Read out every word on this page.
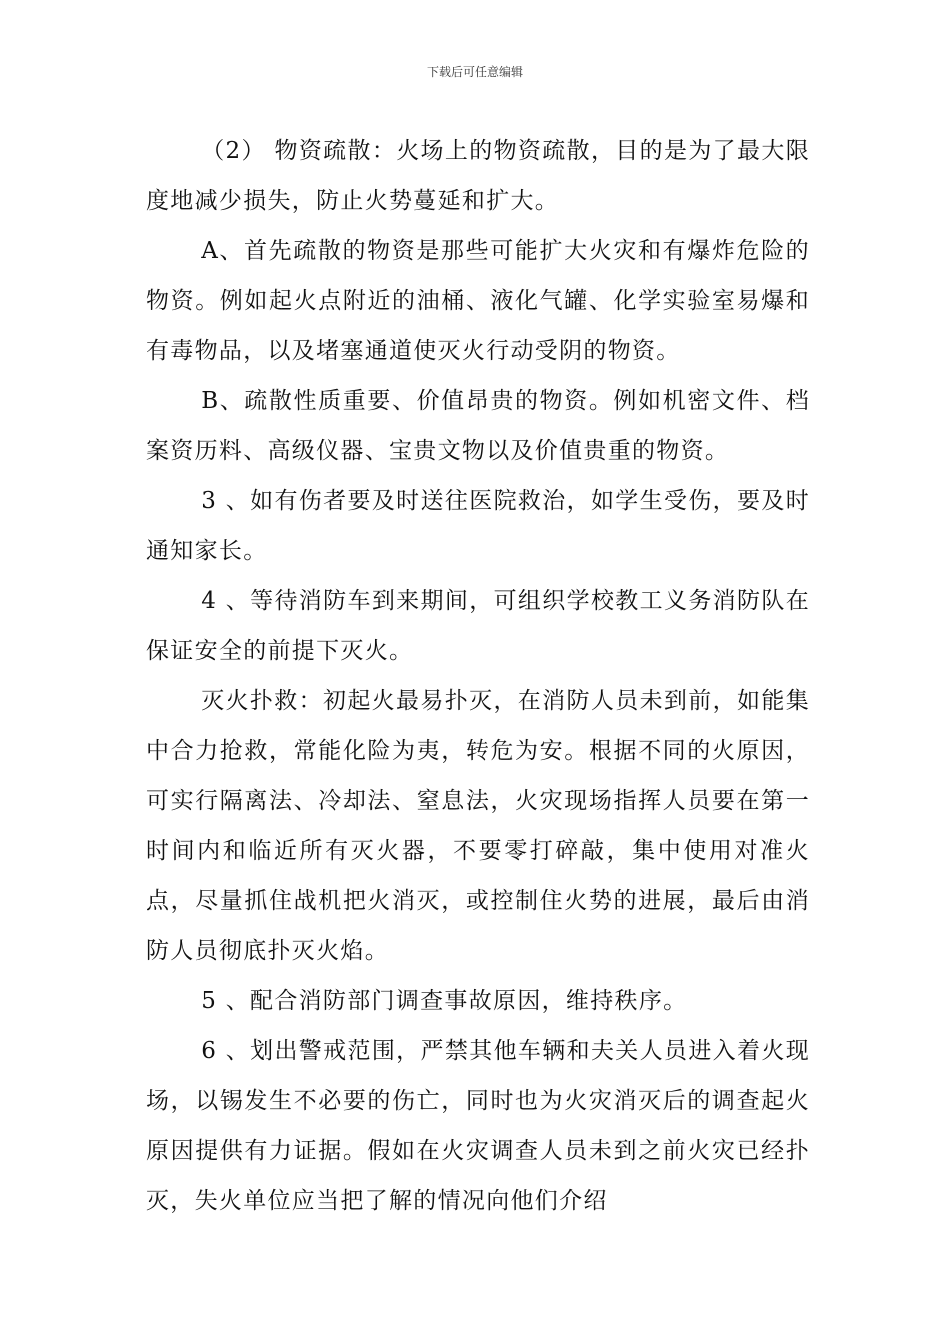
下载后可任意编辑

（2） 物资疏散：火场上的物资疏散，目的是为了最大限度地减少损失，防止火势蔓延和扩大。

A、首先疏散的物资是那些可能扩大火灾和有爆炸危险的物资。例如起火点附近的油桶、液化气罐、化学实验室易爆和有毒物品，以及堵塞通道使灭火行动受阴的物资。

B、疏散性质重要、价值昂贵的物资。例如机密文件、档案资历料、高级仪器、宝贵文物以及价值贵重的物资。

3 、如有伤者要及时送往医院救治，如学生受伤，要及时通知家长。

4 、等待消防车到来期间，可组织学校教工义务消防队在保证安全的前提下灭火。

灭火扑救：初起火最易扑灭，在消防人员未到前，如能集中合力抢救，常能化险为夷，转危为安。根据不同的火原因，可实行隔离法、冷却法、窒息法，火灾现场指挥人员要在第一时间内和临近所有灭火器，不要零打碎敲，集中使用对准火点，尽量抓住战机把火消灭，或控制住火势的进展，最后由消防人员彻底扑灭火焰。

5 、配合消防部门调查事故原因，维持秩序。

6 、划出警戒范围，严禁其他车辆和夫关人员进入着火现场，以锡发生不必要的伤亡，同时也为火灾消灭后的调查起火原因提供有力证据。假如在火灾调查人员未到之前火灾已经扑灭，失火单位应当把了解的情况向他们介绍
